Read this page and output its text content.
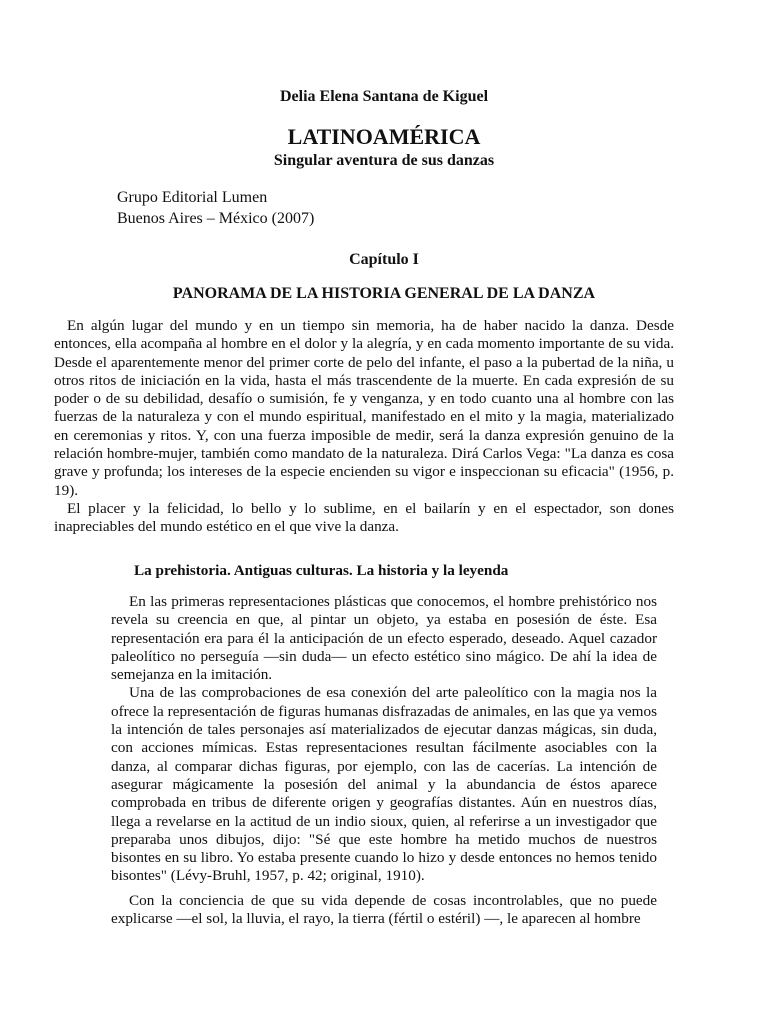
Delia Elena Santana de Kiguel
LATINOAMÉRICA
Singular aventura de sus danzas
Grupo Editorial Lumen
Buenos Aires – México (2007)
Capítulo I
PANORAMA DE LA HISTORIA GENERAL DE LA DANZA

En algún lugar del mundo y en un tiempo sin memoria, ha de haber nacido la danza. Desde entonces, ella acompaña al hombre en el dolor y la alegría, y en cada momento importante de su vida. Desde el aparentemente menor del primer corte de pelo del infante, el paso a la pubertad de la niña, u otros ritos de iniciación en la vida, hasta el más trascendente de la muerte. En cada expresión de su poder o de su debilidad, desafío o sumisión, fe y venganza, y en todo cuanto una al hombre con las fuerzas de la naturaleza y con el mundo espiritual, manifestado en el mito y la magia, materializado en ceremonias y ritos. Y, con una fuerza imposible de medir, será la danza expresión genuino de la relación hombre-mujer, también como mandato de la naturaleza. Dirá Carlos Vega: "La danza es cosa grave y profunda; los intereses de la especie encienden su vigor e inspeccionan su eficacia" (1956, p. 19).

El placer y la felicidad, lo bello y lo sublime, en el bailarín y en el espectador, son dones inapreciables del mundo estético en el que vive la danza.

La prehistoria. Antiguas culturas. La historia y la leyenda

En las primeras representaciones plásticas que conocemos, el hombre prehistórico nos revela su creencia en que, al pintar un objeto, ya estaba en posesión de éste. Esa representación era para él la anticipación de un efecto esperado, deseado. Aquel cazador paleolítico no perseguía —sin duda— un efecto estético sino mágico. De ahí la idea de semejanza en la imitación.

Una de las comprobaciones de esa conexión del arte paleolítico con la magia nos la ofrece la representación de figuras humanas disfrazadas de animales, en las que ya vemos la intención de tales personajes así materializados de ejecutar danzas mágicas, sin duda, con acciones mímicas. Estas representaciones resultan fácilmente asociables con la danza, al comparar dichas figuras, por ejemplo, con las de cacerías. La intención de asegurar mágicamente la posesión del animal y la abundancia de éstos aparece comprobada en tribus de diferente origen y geografías distantes. Aún en nuestros días, llega a revelarse en la actitud de un indio sioux, quien, al referirse a un investigador que preparaba unos dibujos, dijo: "Sé que este hombre ha metido muchos de nuestros bisontes en su libro. Yo estaba presente cuando lo hizo y desde entonces no hemos tenido bisontes" (Lévy-Bruhl, 1957, p. 42; original, 1910).

Con la conciencia de que su vida depende de cosas incontrolables, que no puede explicarse —el sol, la lluvia, el rayo, la tierra (fértil o estéril) —, le aparecen al hombre
